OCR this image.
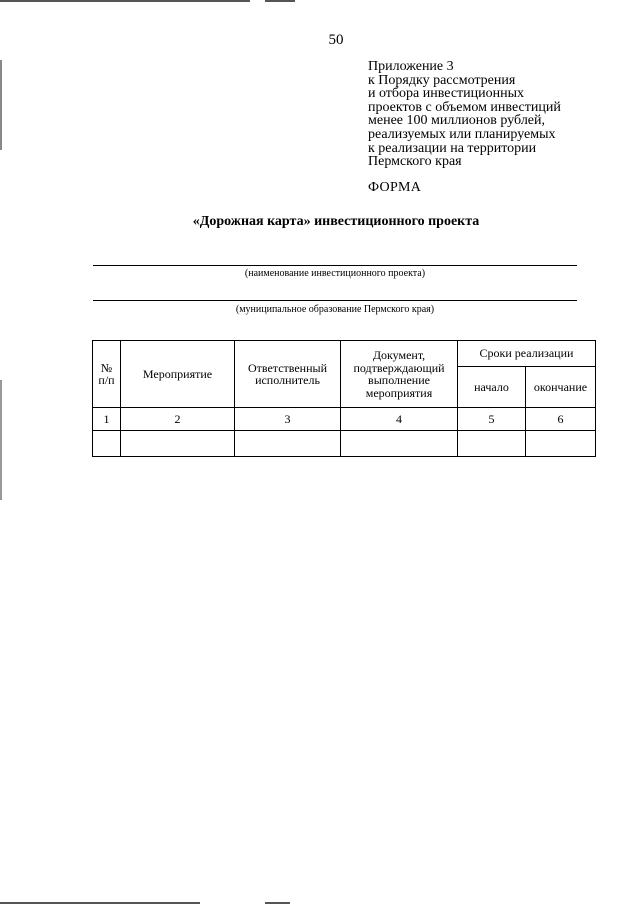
50
Приложение 3
к Порядку рассмотрения
и отбора инвестиционных
проектов с объемом инвестиций
менее 100 миллионов рублей,
реализуемых или планируемых
к реализации на территории
Пермского края
ФОРМА
«Дорожная карта» инвестиционного проекта
(наименование инвестиционного проекта)
(муниципальное образование Пермского края)
№ п/п	Мероприятие	Ответственный исполнитель	Документ, подтверждающий выполнение мероприятия	Сроки реализации	
				начало	окончание
1	2	3	4	5	6
